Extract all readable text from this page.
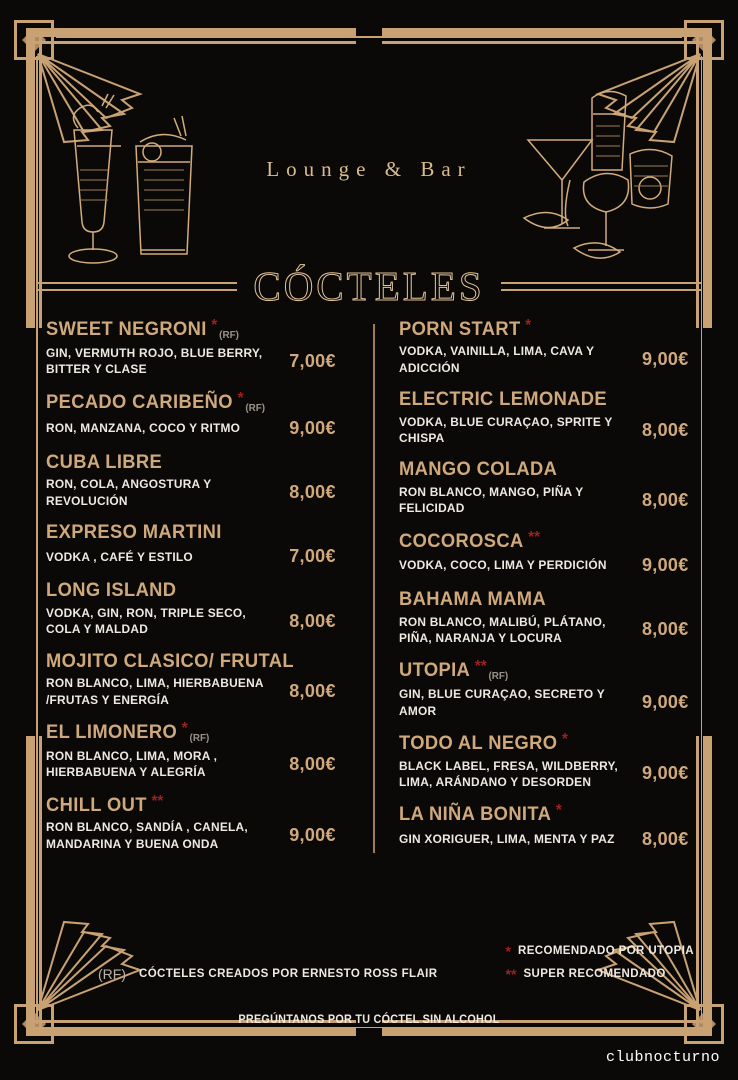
Lounge & Bar
CÓCTELES
SWEET NEGRONI *(RF)
GIN, VERMUTH ROJO, BLUE BERRY, BITTER Y CLASE	7,00€
PECADO CARIBEÑO *(RF)
RON, MANZANA, COCO Y RITMO	9,00€
CUBA LIBRE
RON, COLA, ANGOSTURA Y REVOLUCIÓN	8,00€
EXPRESO MARTINI
VODKA , CAFÉ Y ESTILO	7,00€
LONG ISLAND
VODKA, GIN, RON, TRIPLE SECO, COLA Y MALDAD	8,00€
MOJITO CLASICO/ FRUTAL
RON BLANCO, LIMA, HIERBABUENA /FRUTAS Y ENERGÍA	8,00€
EL LIMONERO *(RF)
RON BLANCO, LIMA, MORA , HIERBABUENA Y ALEGRÍA	8,00€
CHILL OUT **
RON BLANCO, SANDÍA , CANELA, MANDARINA Y BUENA ONDA	9,00€
PORN START *
VODKA, VAINILLA, LIMA, CAVA Y ADICCIÓN	9,00€
ELECTRIC LEMONADE
VODKA, BLUE CURAÇAO, SPRITE Y CHISPA	8,00€
MANGO COLADA
RON BLANCO, MANGO, PIÑA Y FELICIDAD	8,00€
COCOROSCA **
VODKA, COCO, LIMA Y PERDICIÓN 9,00€
BAHAMA MAMA
RON BLANCO, MALIBÚ, PLÁTANO, PIÑA, NARANJA Y LOCURA	8,00€
UTOPIA **(RF)
GIN, BLUE CURAÇAO, SECRETO Y AMOR	9,00€
TODO AL NEGRO *
BLACK LABEL, FRESA, WILDBERRY, LIMA, ARÁNDANO Y DESORDEN	9,00€
LA NIÑA BONITA *
GIN XORIGUER, LIMA, MENTA Y PAZ 8,00€
(RF) CÓCTELES CREADOS POR ERNESTO ROSS FLAIR
* RECOMENDADO POR UTOPIA
** SUPER RECOMENDADO
PREGÚNTANOS POR TU CÓCTEL SIN ALCOHOL
clubnocturno
